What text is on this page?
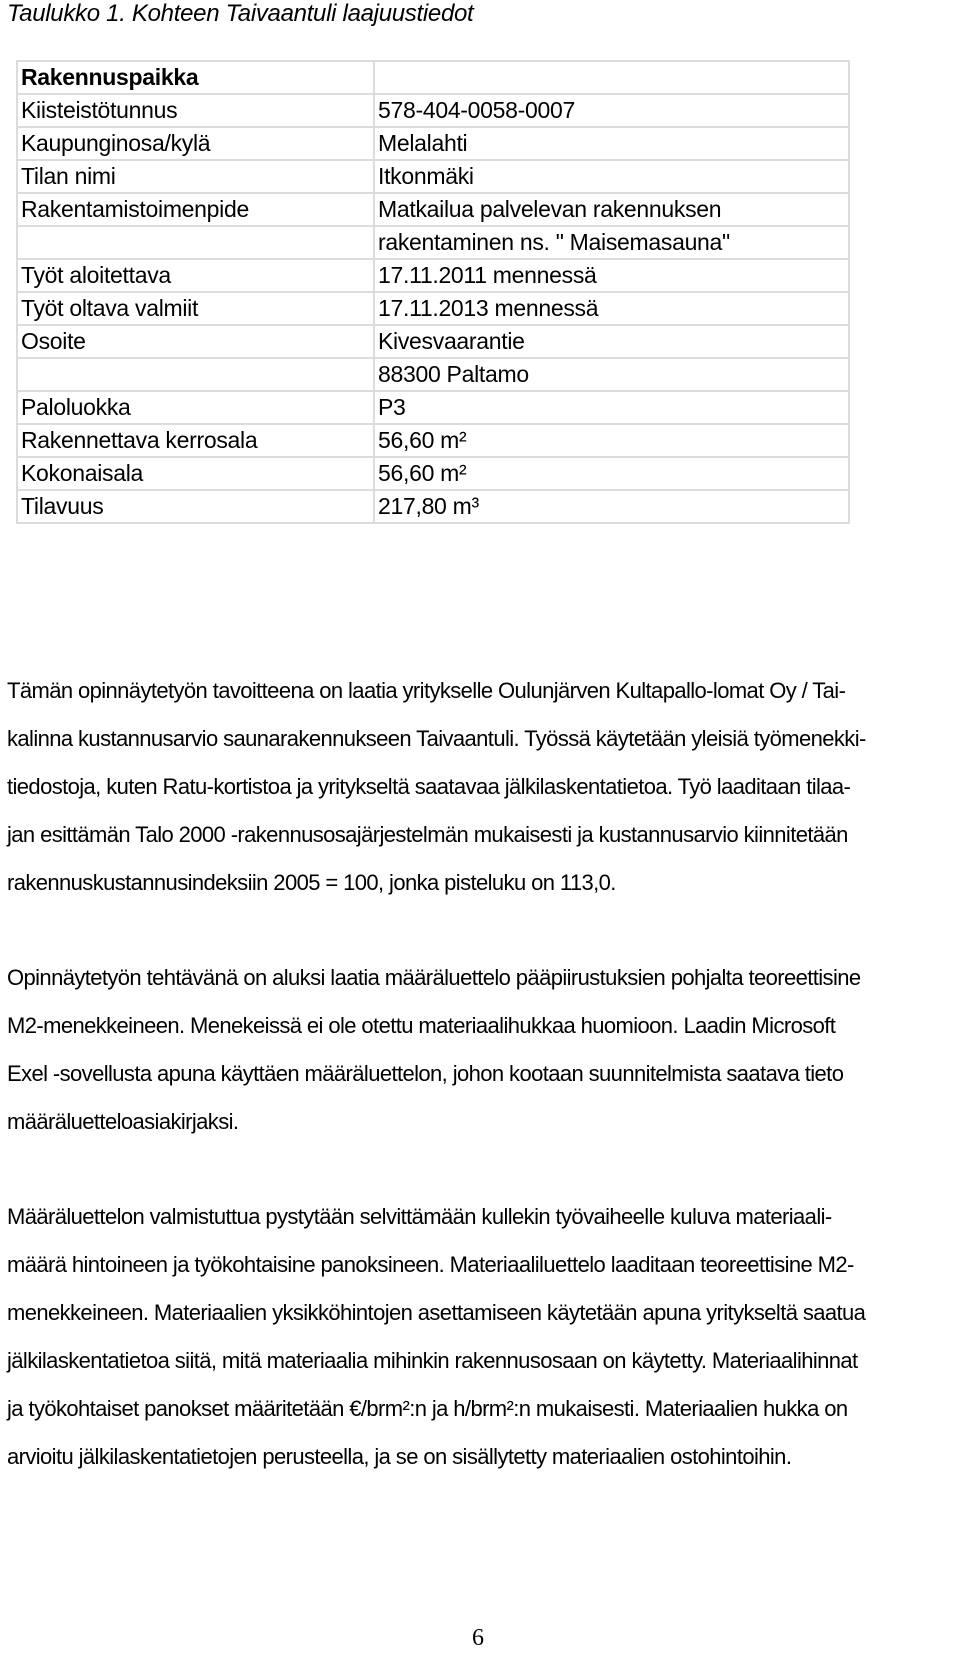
Taulukko 1. Kohteen Taivaantuli laajuustiedot
Rakennuspaikka	
Kiisteistötunnus	578-404-0058-0007
Kaupunginosa/kylä	Melalahti
Tilan nimi	Itkonmäki
Rakentamistoimenpide	Matkailua palvelevan rakennuksen
	rakentaminen ns. " Maisemasauna"
Työt aloitettava	17.11.2011 mennessä
Työt oltava valmiit	17.11.2013 mennessä
Osoite	Kivesvaarantie
	88300 Paltamo
Paloluokka	P3
Rakennettava kerrosala	56,60 m²
Kokonaisala	56,60 m²
Tilavuus	217,80 m³

Tämän opinnäytetyön tavoitteena on laatia yritykselle Oulunjärven Kultapallo-lomat Oy / Tai-
kalinna kustannusarvio saunarakennukseen Taivaantuli. Työssä käytetään yleisiä työmenekki-
tiedostoja, kuten Ratu-kortistoa ja yritykseltä saatavaa jälkilaskentatietoa. Työ laaditaan tilaa-
jan esittämän Talo 2000 -rakennusosajärjestelmän mukaisesti ja kustannusarvio kiinnitetään
rakennuskustannusindeksiin 2005 = 100, jonka pisteluku on 113,0.

Opinnäytetyön tehtävänä on aluksi laatia määräluettelo pääpiirustuksien pohjalta teoreettisine
M2-menekkeineen. Menekeissä ei ole otettu materiaalihukkaa huomioon. Laadin Microsoft
Exel -sovellusta apuna käyttäen määräluettelon, johon kootaan suunnitelmista saatava tieto
määräluetteloasiakirjaksi.

Määräluettelon valmistuttua pystytään selvittämään kullekin työvaiheelle kuluva materiaali-
määrä hintoineen ja työkohtaisine panoksineen. Materiaaliluettelo laaditaan teoreettisine M2-
menekkeineen. Materiaalien yksikköhintojen asettamiseen käytetään apuna yritykseltä saatua
jälkilaskentatietoa siitä, mitä materiaalia mihinkin rakennusosaan on käytetty. Materiaalihinnat
ja työkohtaiset panokset määritetään €/brm²:n ja h/brm²:n mukaisesti. Materiaalien hukka on
arvioitu jälkilaskentatietojen perusteella, ja se on sisällytetty materiaalien ostohintoihin.

6
